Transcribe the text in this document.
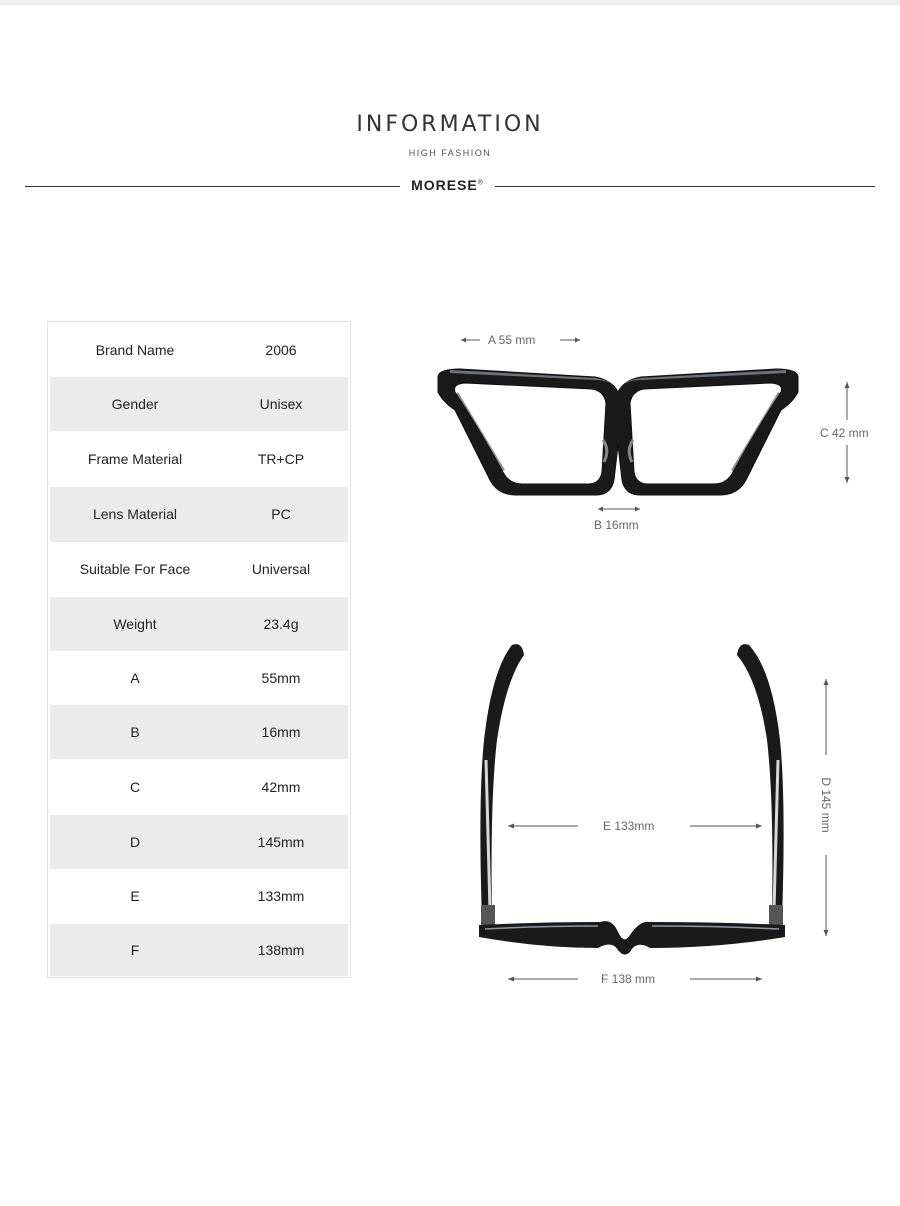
INFORMATION
HIGH FASHION
MORESE®
Brand Name	2006
Gender	Unisex
Frame Material	TR+CP
Lens Material	PC
Suitable For Face	Universal
Weight	23.4g
A	55mm
B	16mm
C	42mm
D	145mm
E	133mm
F	138mm
A 55 mm
B 16mm
C 42 mm
D 145 mm
E 133mm
F 138 mm
